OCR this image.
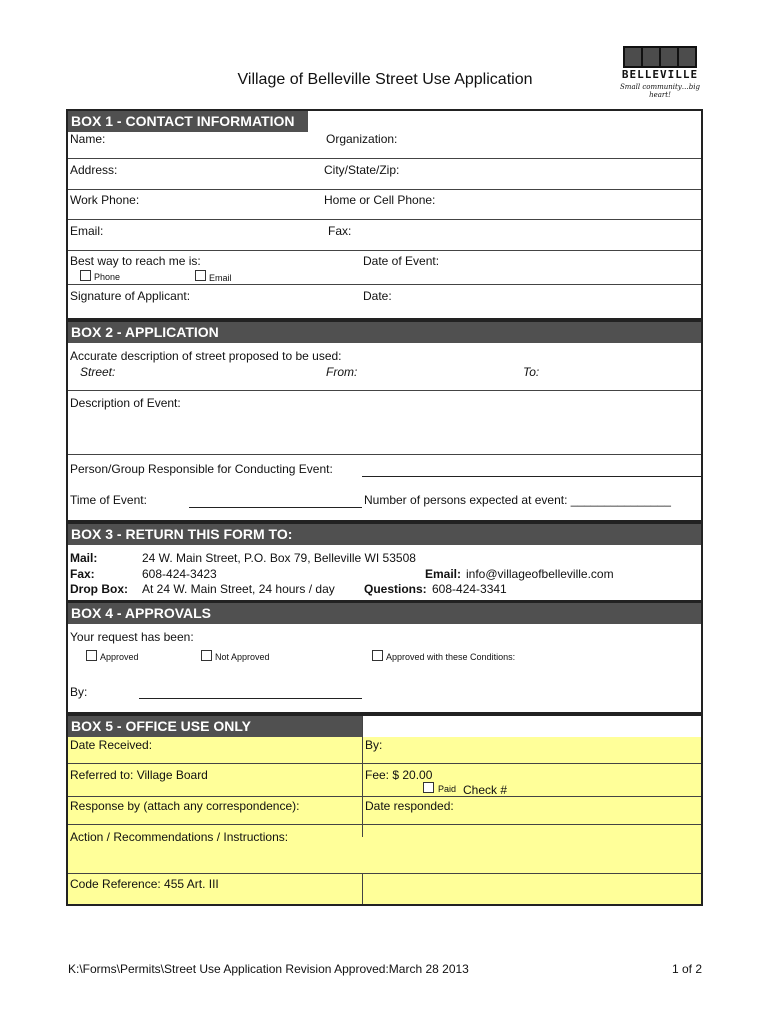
Village of Belleville Street Use Application	BELLEVILLE
Small community…big heart!
BOX 1 - CONTACT INFORMATION
Name:	Organization:
Address:	City/State/Zip:
Work Phone:	Home or Cell Phone:
Email:	Fax:
Best way to reach me is:	Date of Event:
Phone	Email
Signature of Applicant:	Date:
BOX 2 - APPLICATION
Accurate description of street proposed to be used:
Street:	From:	To:
Description of Event:
Person/Group Responsible for Conducting Event:
Time of Event:	Number of persons expected at event: _______________
BOX 3 - RETURN THIS FORM TO:
Mail:	24 W. Main Street, P.O. Box 79, Belleville WI 53508
Fax:	608-424-3423	Email: info@villageofbelleville.com
Drop Box: At 24 W. Main Street, 24 hours / day Questions: 608-424-3341
BOX 4 - APPROVALS
Your request has been:
Approved	Not Approved	Approved with these Conditions:
By:
BOX 5 - OFFICE USE ONLY
Date Received:	By:
Referred to: Village Board	Fee: $ 20.00
Paid Check #
Response by (attach any correspondence):	Date responded:
Action / Recommendations / Instructions:
Code Reference: 455 Art. III
K:\Forms\Permits\Street Use Application Revision Approved:March 28 2013	1 of 2
